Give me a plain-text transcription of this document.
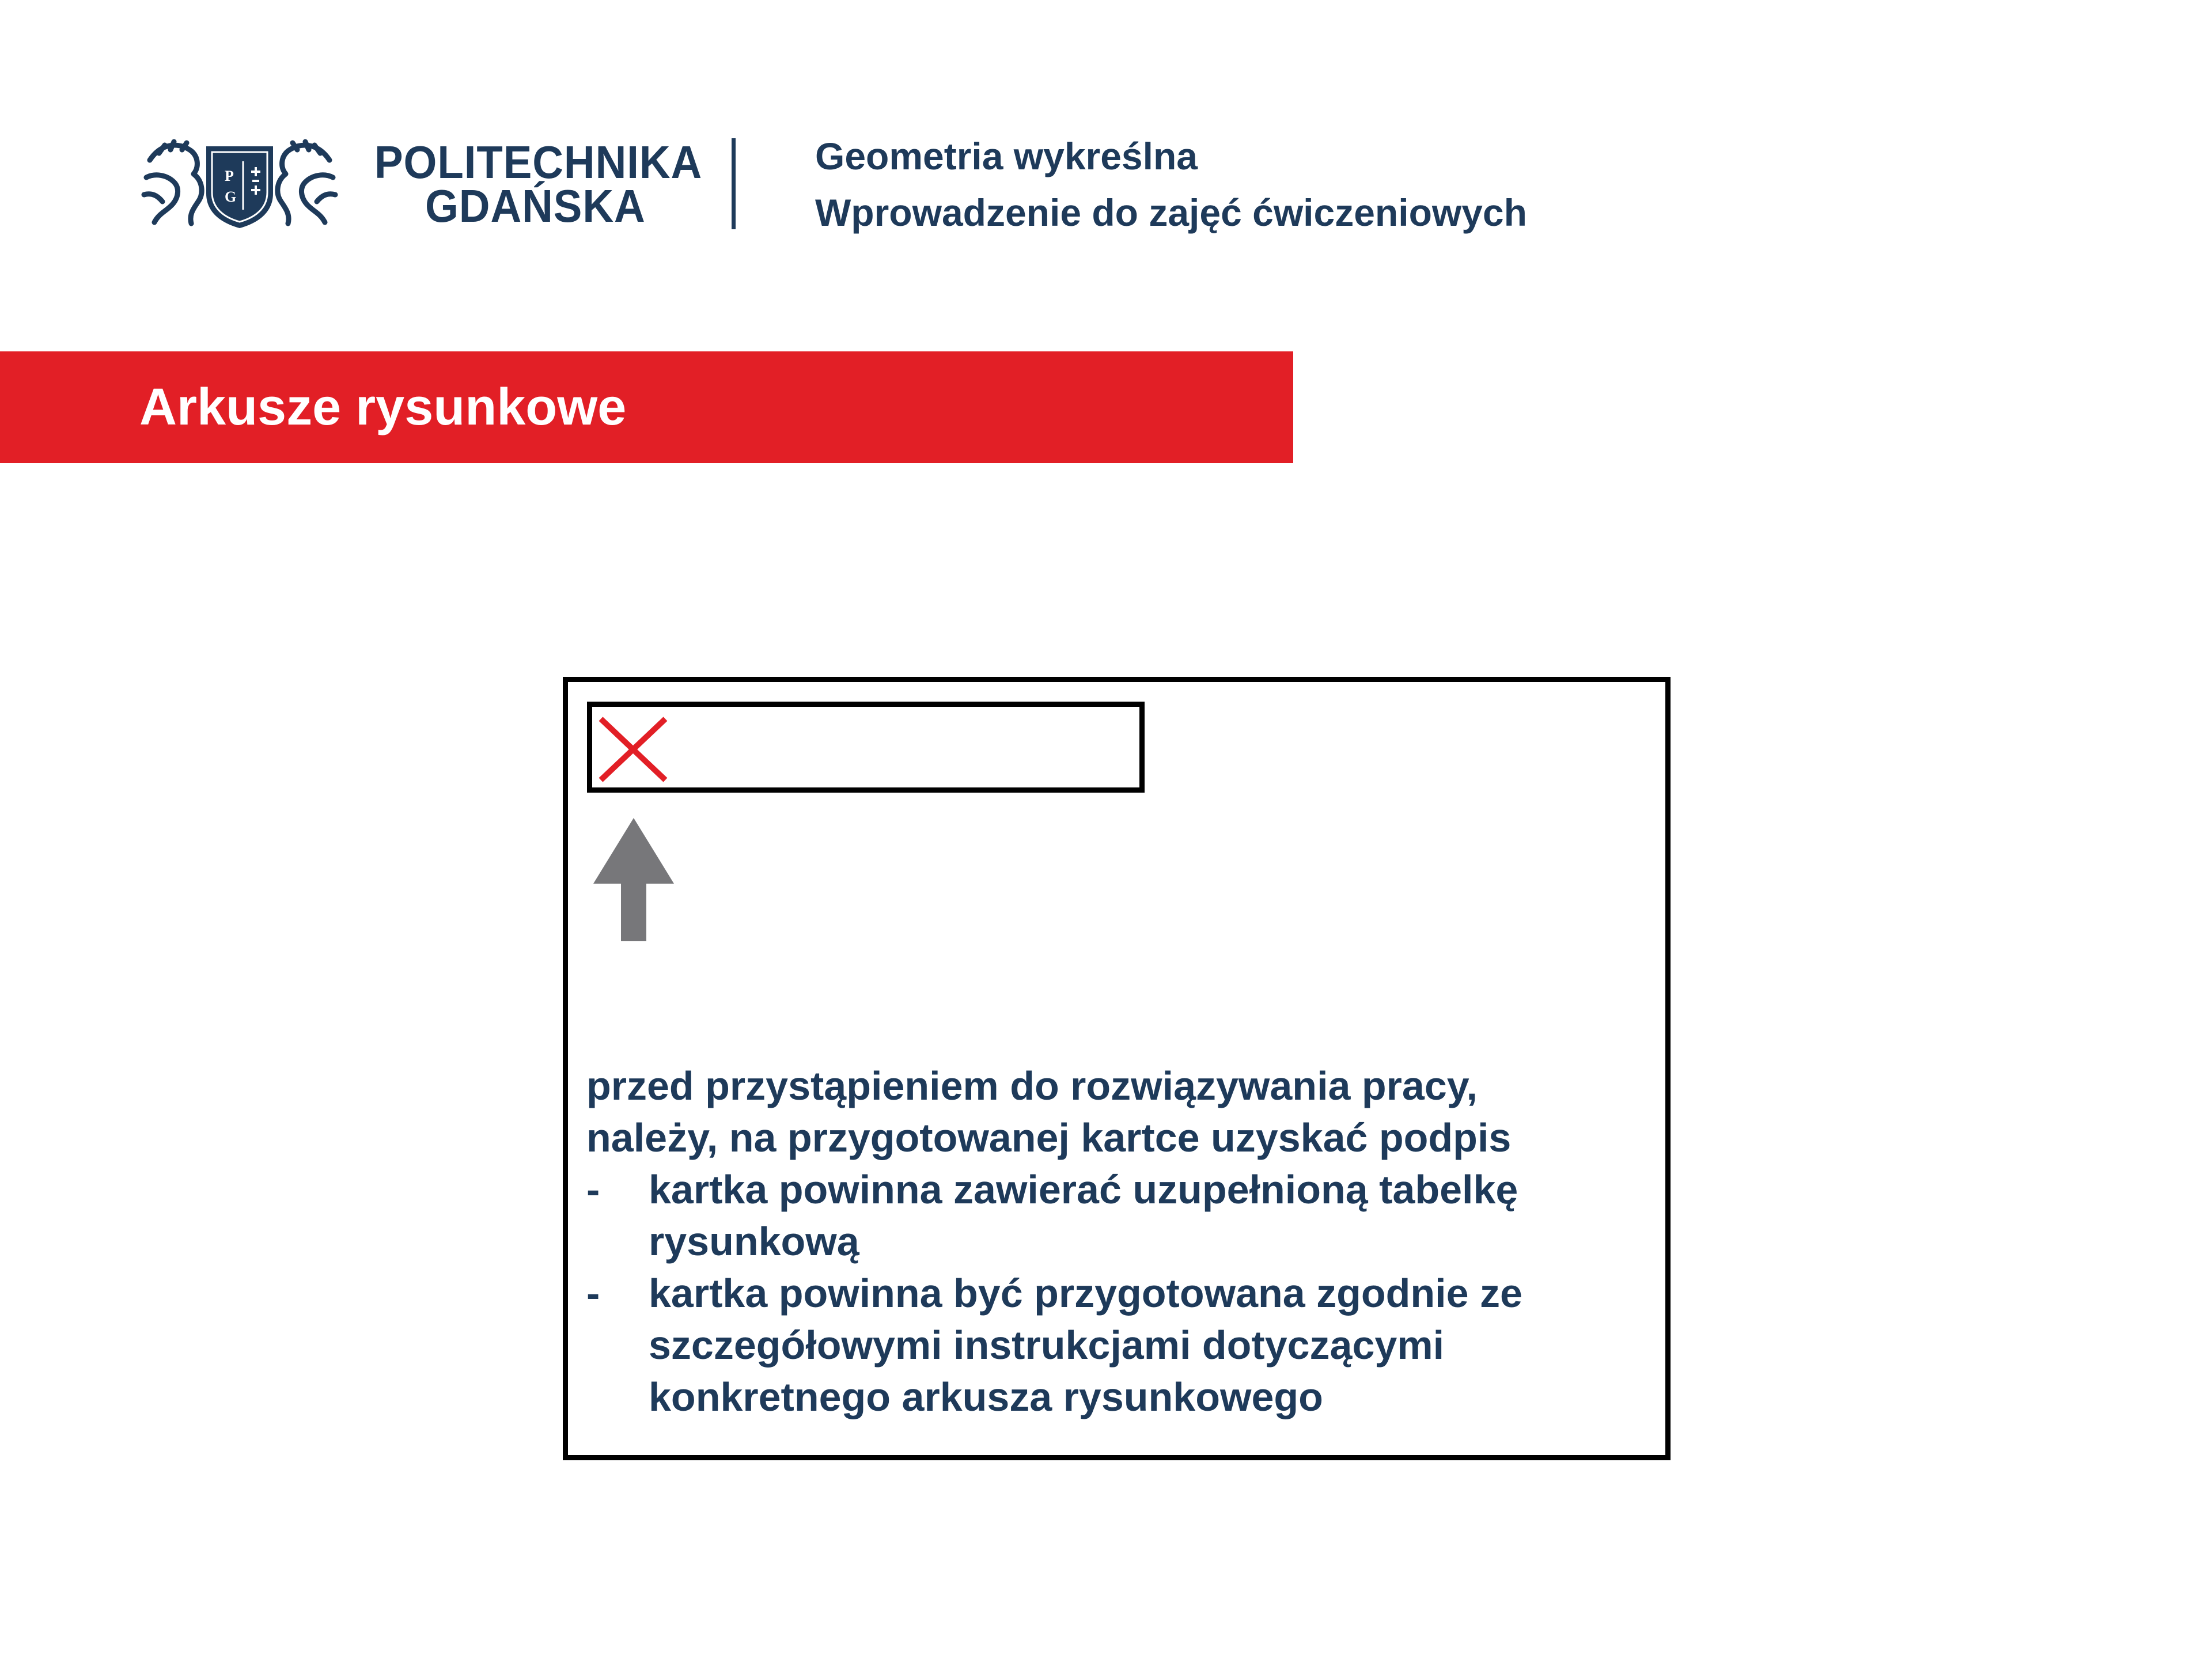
P
G
POLITECHNIKA
GDAŃSKA
Geometria wykreślna
Wprowadzenie do zajęć ćwiczeniowych
Arkusze rysunkowe
przed przystąpieniem do rozwiązywania pracy,
należy, na przygotowanej kartce uzyskać podpis
- kartka powinna zawierać uzupełnioną tabelkę rysunkową
- kartka powinna być przygotowana zgodnie ze szczegółowymi instrukcjami dotyczącymi konkretnego arkusza rysunkowego
